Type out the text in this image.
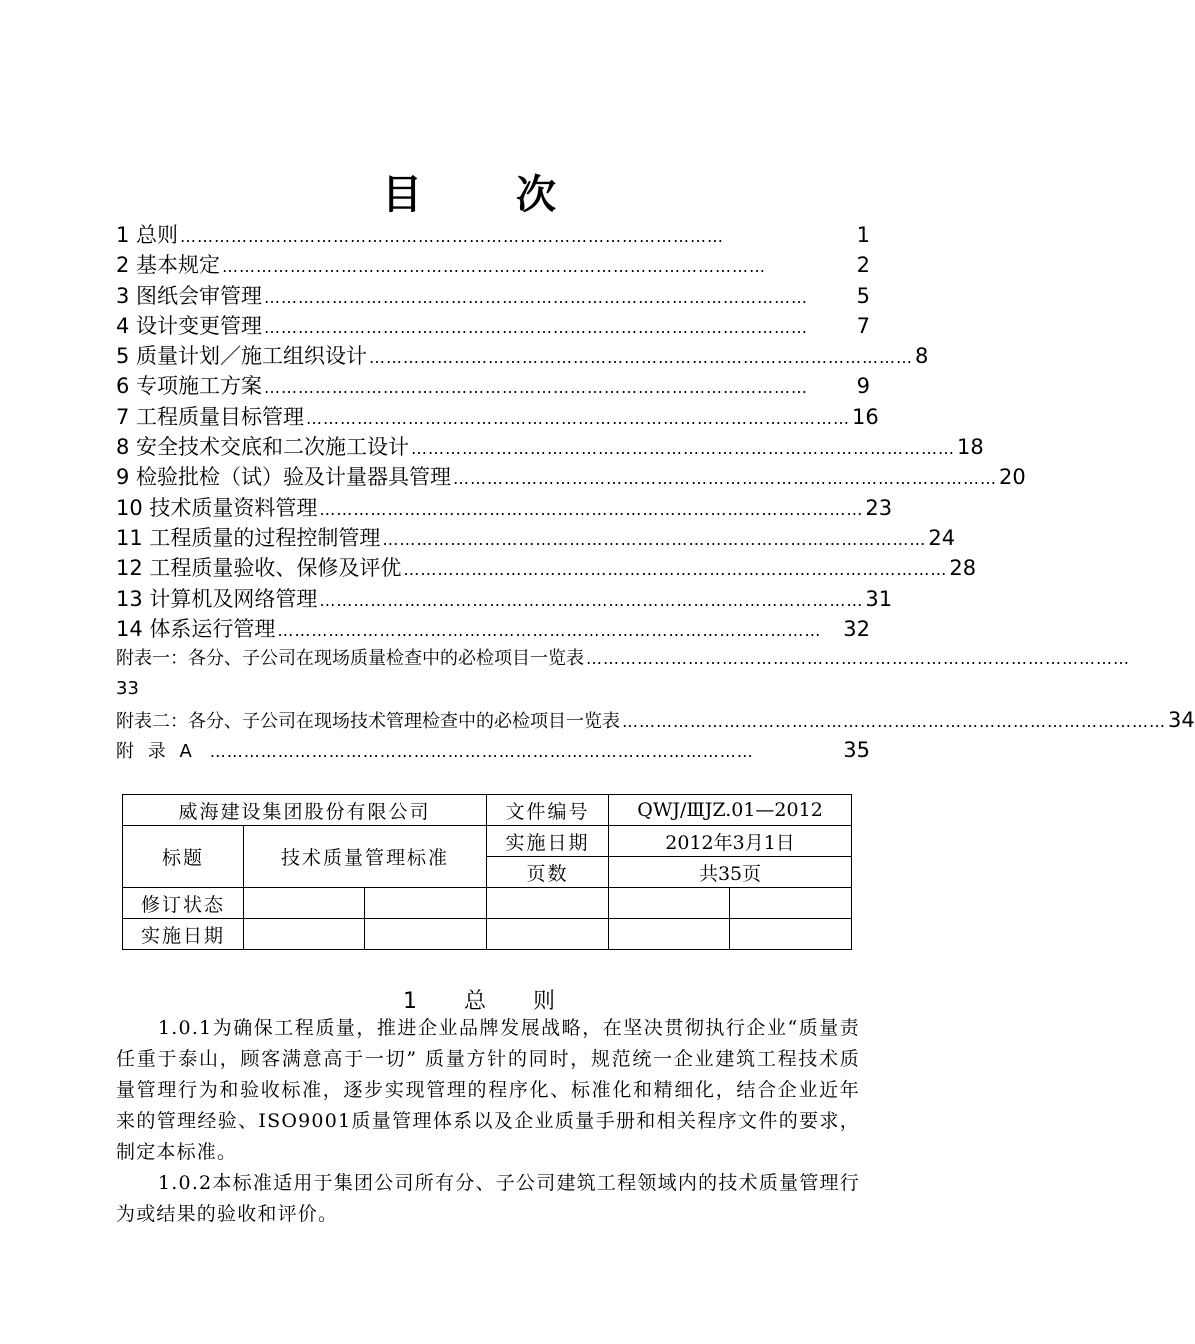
目 次
1 总则 ……………………………………………………………………………………	1
2 基本规定 ……………………………………………………………………………………	2
3 图纸会审管理 ……………………………………………………………………………………	5
4 设计变更管理 ……………………………………………………………………………………	7
5 质量计划／施工组织设计 …………………………………………………………………………………… 8
6 专项施工方案 ……………………………………………………………………………………	9
7 工程质量目标管理 …………………………………………………………………………………… 16
8 安全技术交底和二次施工设计 …………………………………………………………………………………… 18
9 检验批检（试）验及计量器具管理 …………………………………………………………………………………… 20
10 技术质量资料管理 …………………………………………………………………………………… 23
11 工程质量的过程控制管理 …………………………………………………………………………………… 24
12 工程质量验收、保修及评优 …………………………………………………………………………………… 28
13 计算机及网络管理 …………………………………………………………………………………… 31
14 体系运行管理 ……………………………………………………………………………………	32
附表一：各分、子公司在现场质量检查中的必检项目一览表 ……………………………………………………………………………………
33
附表二：各分、子公司在现场技术管理检查中的必检项目一览表 …………………………………………………………………………………… 34
附 录 A ……………………………………………………………………………………	35
威海建设集团股份有限公司			文件编号	QWJ/ⅢJZ.01—2012	
标题	技术质量管理标准		实施日期	2012年3月1日	
			页数	共35页	
修订状态					
实施日期					
1 总 则

1.0.1为确保工程质量，推进企业品牌发展战略，在坚决贯彻执行企业“质量责任重于泰山，顾客满意高于一切” 质量方针的同时，规范统一企业建筑工程技术质量管理行为和验收标准，逐步实现管理的程序化、标准化和精细化，结合企业近年来的管理经验、ISO9001质量管理体系以及企业质量手册和相关程序文件的要求，制定本标准。

1.0.2本标准适用于集团公司所有分、子公司建筑工程领域内的技术质量管理行为或结果的验收和评价。
